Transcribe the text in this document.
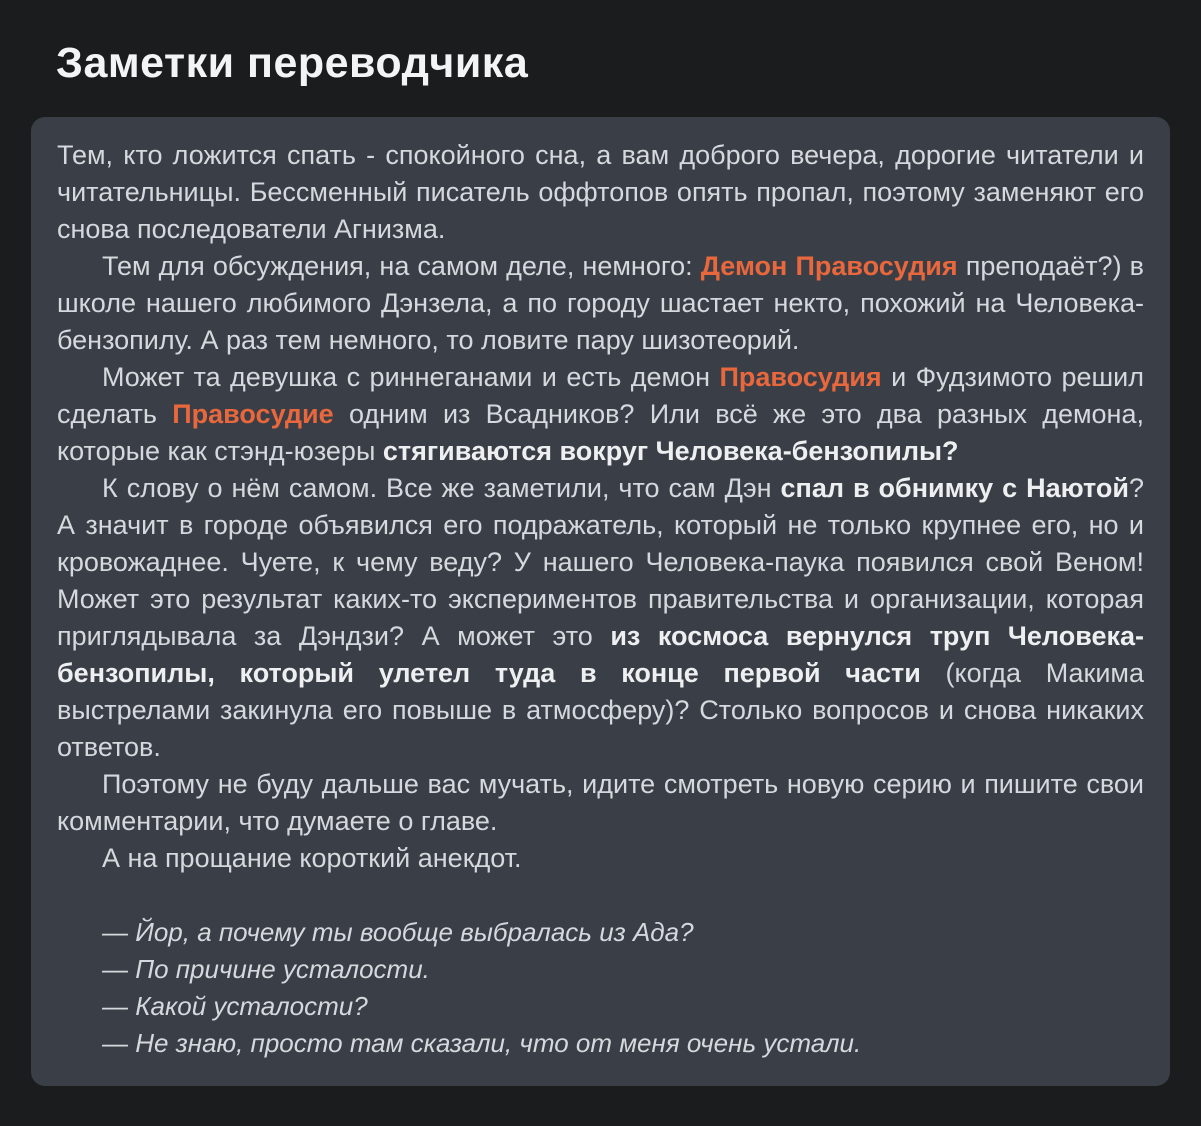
Заметки переводчика

Тем, кто ложится спать - спокойного сна, а вам доброго вечера, дорогие читатели и читательницы. Бессменный писатель оффтопов опять пропал, поэтому заменяют его снова последователи Агнизма.

Тем для обсуждения, на самом деле, немного: Демон Правосудия преподаёт?) в школе нашего любимого Дэнзела, а по городу шастает некто, похожий на Человека-бензопилу. А раз тем немного, то ловите пару шизотеорий.

Может та девушка с риннеганами и есть демон Правосудия и Фудзимото решил сделать Правосудие одним из Всадников? Или всё же это два разных демона, которые как стэнд-юзеры стягиваются вокруг Человека-бензопилы?

К слову о нём самом. Все же заметили, что сам Дэн спал в обнимку с Наютой? А значит в городе объявился его подражатель, который не только крупнее его, но и кровожаднее. Чуете, к чему веду? У нашего Человека-паука появился свой Веном! Может это результат каких-то экспериментов правительства и организации, которая приглядывала за Дэндзи? А может это из космоса вернулся труп Человека-бензопилы, который улетел туда в конце первой части (когда Макима выстрелами закинула его повыше в атмосферу)? Столько вопросов и снова никаких ответов.

Поэтому не буду дальше вас мучать, идите смотреть новую серию и пишите свои комментарии, что думаете о главе.

А на прощание короткий анекдот.

— Йор, а почему ты вообще выбралась из Ада?

— По причине усталости.

— Какой усталости?

— Не знаю, просто там сказали, что от меня очень устали.
